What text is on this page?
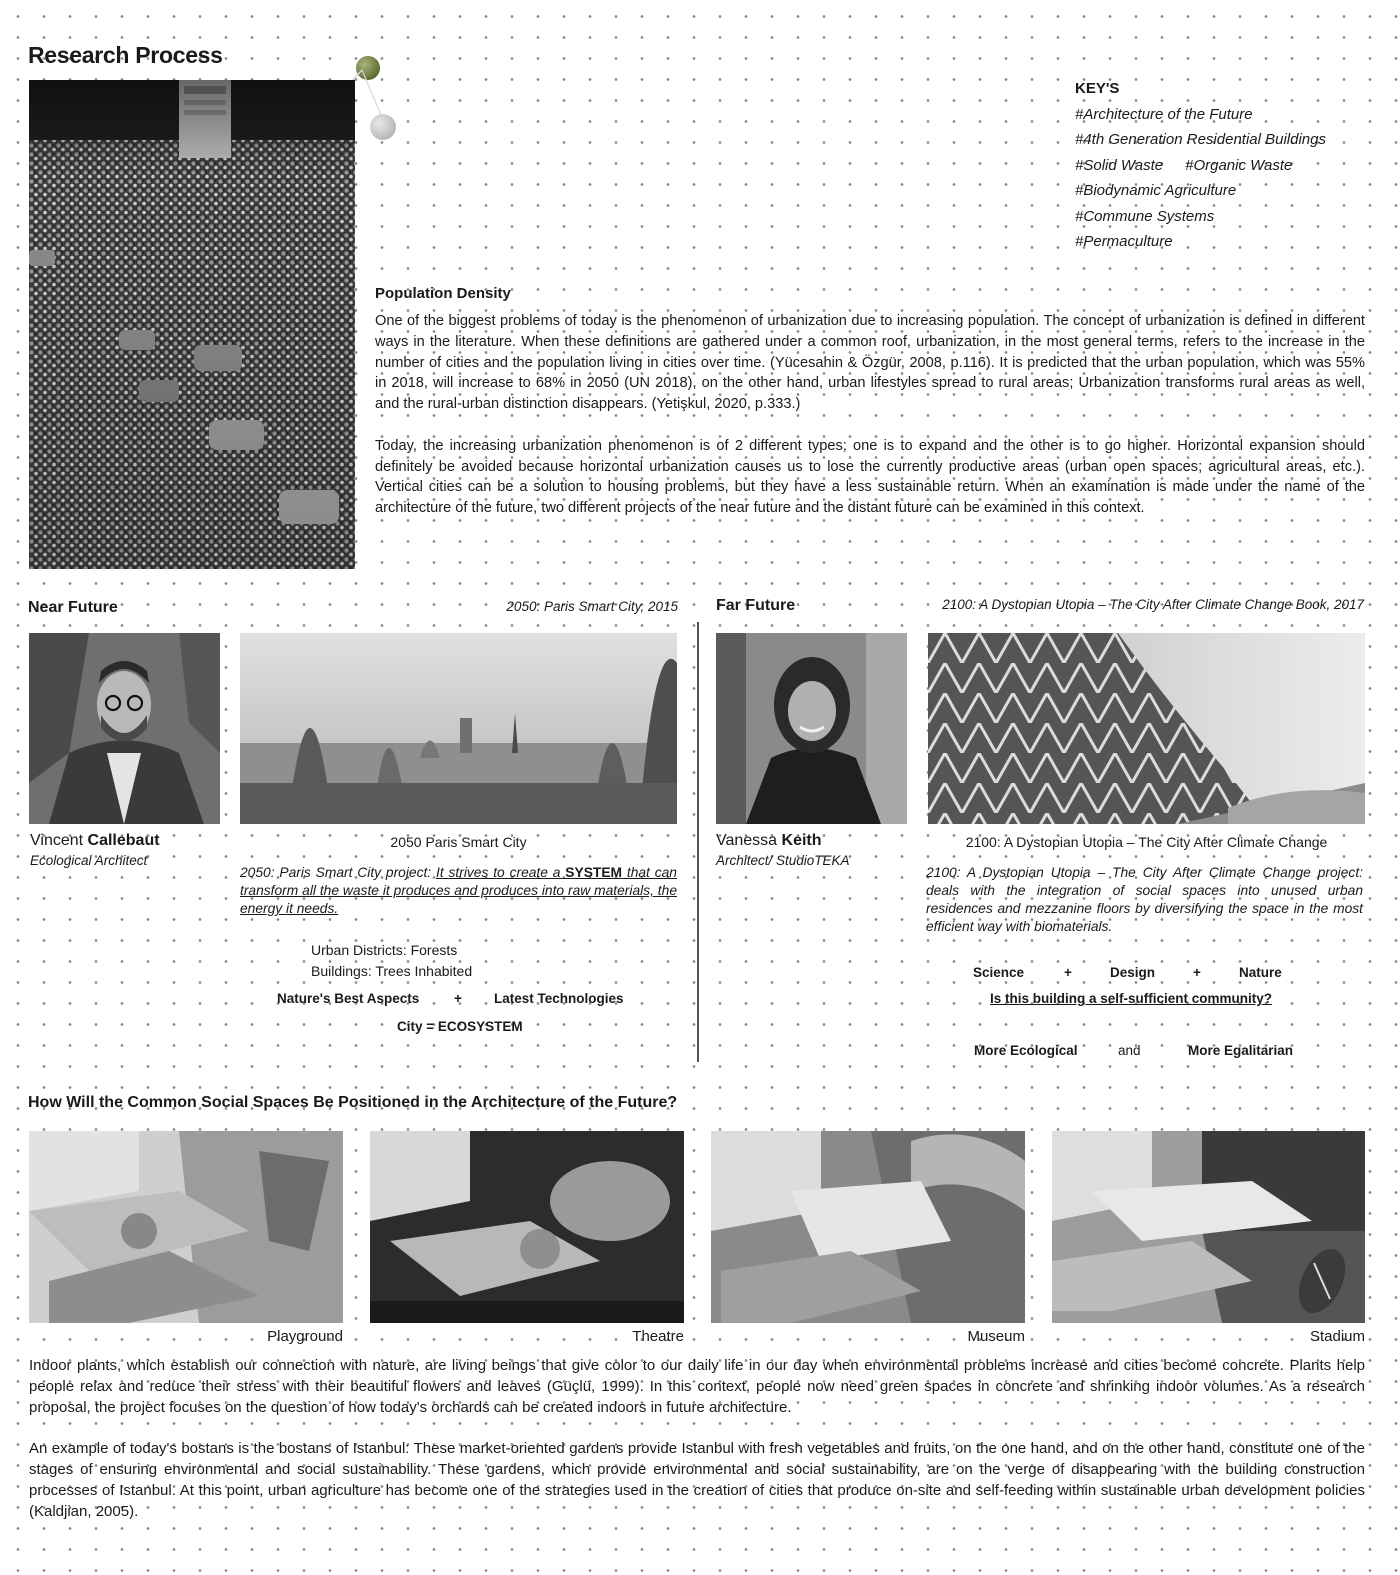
Research Process
KEY'S
#Architecture of the Future
#4th Generation Residential Buildings
#Solid Waste #Organic Waste
#Biodynamic Agriculture
#Commune Systems
#Permaculture
Population Density

One of the biggest problems of today is the phenomenon of urbanization due to increasing population. The concept of urbanization is defined in different ways in the literature. When these definitions are gathered under a common roof, urbanization, in the most general terms, refers to the increase in the number of cities and the population living in cities over time. (Yücesahin & Özgür, 2008, p.116). It is predicted that the urban population, which was 55% in 2018, will increase to 68% in 2050 (UN 2018), on the other hand, urban lifestyles spread to rural areas; Urbanization transforms rural areas as well, and the rural-urban distinction disappears. (Yetişkul, 2020, p.333.)

Today, the increasing urbanization phenomenon is of 2 different types; one is to expand and the other is to go higher. Horizontal expansion should definitely be avoided because horizontal urbanization causes us to lose the currently productive areas (urban open spaces; agricultural areas, etc.). Vertical cities can be a solution to housing problems, but they have a less sustainable return. When an examination is made under the name of the architecture of the future, two different projects of the near future and the distant future can be examined in this context.

Near Future	2050: Paris Smart City, 2015
Vincent Callebaut
Ecological Architect
2050 Paris Smart City
2050: Paris Smart City project: It strives to create a SYSTEM that can transform all the waste it produces and produces into raw materials, the energy it needs.
Urban Districts: Forests
Buildings: Trees Inhabited
Nature's Best Aspects	+ Latest Technologies
City = ECOSYSTEM
Far Future	2100: A Dystopian Utopia – The City After Climate Change Book, 2017
Vanessa Keith
Architect/ StudioTEKA
2100: A Dystopian Utopia – The City After Climate Change
2100: A Dystopian Utopia – The City After Climate Change project: deals with the integration of social spaces into unused urban residences and mezzanine floors by diversifying the space in the most efficient way with biomaterials.
Science	+	Design	+	Nature
Is this building a self-sufficient community?
More Ecological	and	More Egalitarian
How Will the Common Social Spaces Be Positioned in the Architecture of the Future?
Playground	Theatre	Museum	Stadium

Indoor plants, which establish our connection with nature, are living beings that give color to our daily life in our day when environmental problems increase and cities become concrete. Plants help people relax and reduce their stress with their beautiful flowers and leaves (Güçlü, 1999). In this context, people now need green spaces in concrete and shrinking indoor volumes. As a research proposal, the project focuses on the question of how today's orchards can be created indoors in future architecture.

An example of today's bostans is the bostans of Istanbul: These market-oriented gardens provide Istanbul with fresh vegetables and fruits, on the one hand, and on the other hand, constitute one of the stages of ensuring environmental and social sustainability. These gardens, which provide environmental and social sustainability, are on the verge of disappearing with the building construction processes of Istanbul. At this point, urban agriculture has become one of the strategies used in the creation of cities that produce on-site and self-feeding within sustainable urban development policies (Kaldjian, 2005).
